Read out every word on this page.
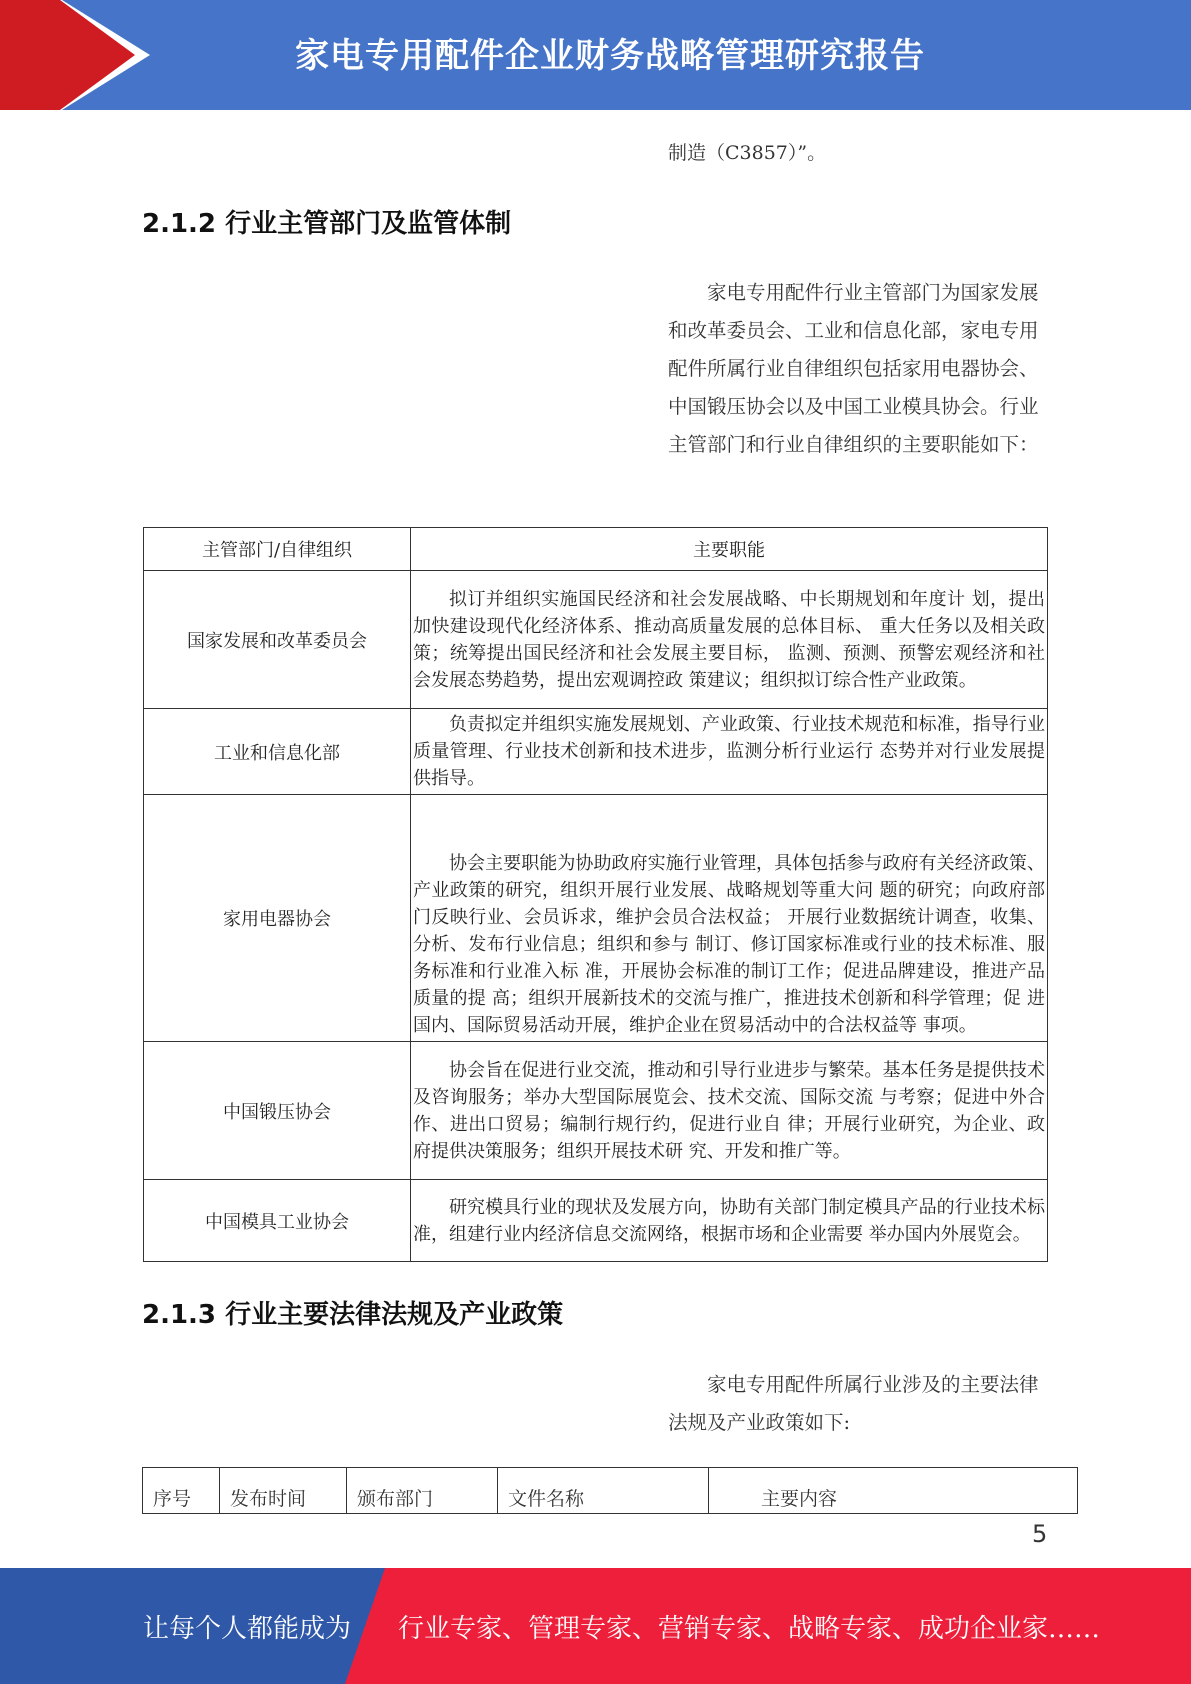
家电专用配件企业财务战略管理研究报告
制造（C3857）”。
2.1.2 行业主管部门及监管体制

家电专用配件行业主管部门为国家发展和改革委员会、工业和信息化部，家电专用配件所属行业自律组织包括家用电器协会、中国锻压协会以及中国工业模具协会。行业主管部门和行业自律组织的主要职能如下：

主管部门/自律组织	主要职能
国家发展和改革委员会	拟订并组织实施国民经济和社会发展战略、中长期规划和年度计 划，提出加快建设现代化经济体系、推动高质量发展的总体目标、 重大任务以及相关政策；统筹提出国民经济和社会发展主要目标， 监测、预测、预警宏观经济和社会发展态势趋势，提出宏观调控政 策建议；组织拟订综合性产业政策。
工业和信息化部	负责拟定并组织实施发展规划、产业政策、行业技术规范和标准，指导行业质量管理、行业技术创新和技术进步，监测分析行业运行 态势并对行业发展提供指导。
家用电器协会	协会主要职能为协助政府实施行业管理，具体包括参与政府有关经济政策、产业政策的研究，组织开展行业发展、战略规划等重大问 题的研究；向政府部门反映行业、会员诉求，维护会员合法权益； 开展行业数据统计调查，收集、分析、发布行业信息；组织和参与 制订、修订国家标准或行业的技术标准、服务标准和行业准入标 准，开展协会标准的制订工作；促进品牌建设，推进产品质量的提 高；组织开展新技术的交流与推广，推进技术创新和科学管理；促 进国内、国际贸易活动开展，维护企业在贸易活动中的合法权益等 事项。
中国锻压协会	协会旨在促进行业交流，推动和引导行业进步与繁荣。基本任务是提供技术及咨询服务；举办大型国际展览会、技术交流、国际交流 与考察；促进中外合作、进出口贸易；编制行规行约，促进行业自 律；开展行业研究，为企业、政府提供决策服务；组织开展技术研 究、开发和推广等。
中国模具工业协会	研究模具行业的现状及发展方向，协助有关部门制定模具产品的行业技术标准，组建行业内经济信息交流网络，根据市场和企业需要 举办国内外展览会。
2.1.3 行业主要法律法规及产业政策

家电专用配件所属行业涉及的主要法律法规及产业政策如下:

序号	发布时间	颁布部门	文件名称	主要内容
5
让每个人都能成为 行业专家、管理专家、营销专家、战略专家、成功企业家……
